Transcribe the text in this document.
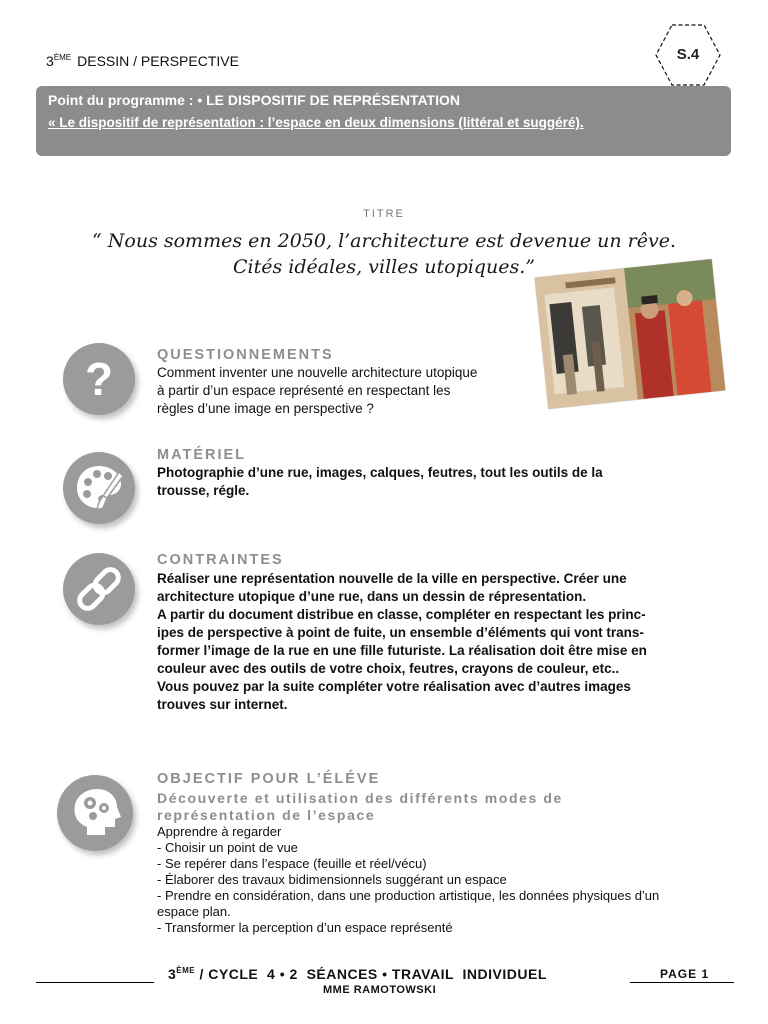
3ÈME DESSIN / PERSPECTIVE	S.4
Point du programme : • LE DISPOSITIF DE REPRÉSENTATION
« Le dispositif de représentation : l’espace en deux dimensions (littéral et suggéré).
TITRE
“ Nous sommes en 2050, l’architecture est devenue un rêve.
Cités idéales, villes utopiques.”
?	QUESTIONNEMENTS
Comment inventer une nouvelle architecture utopique
à partir d’un espace représenté en respectant les
règles d’une image en perspective ?
MATÉRIEL
Photographie d’une rue, images, calques, feutres, tout les outils de la
trousse, régle.
CONTRAINTES
Réaliser une représentation nouvelle de la ville en perspective. Créer une
architecture utopique d’une rue, dans un dessin de répresentation.
A partir du document distribue en classe, compléter en respectant les princ-
ipes de perspective à point de fuite, un ensemble d’éléments qui vont trans-
former l’image de la rue en une fille futuriste. La réalisation doit être mise en
couleur avec des outils de votre choix, feutres, crayons de couleur, etc..
Vous pouvez par la suite compléter votre réalisation avec d’autres images
trouves sur internet.
OBJECTIF POUR L’ÉLÉVE
Découverte et utilisation des différents modes de
représentation de l’espace
Apprendre à regarder
- Choisir un point de vue
- Se repérer dans l’espace (feuille et réel/vécu)
- Élaborer des travaux bidimensionnels suggérant un espace
- Prendre en considération, dans une production artistique, les données physiques d’un
espace plan.
- Transformer la perception d’un espace représenté
3ÈME / CYCLE  4 • 2  SÉANCES • TRAVAIL  INDIVIDUEL	PAGE 1
MME RAMOTOWSKI
